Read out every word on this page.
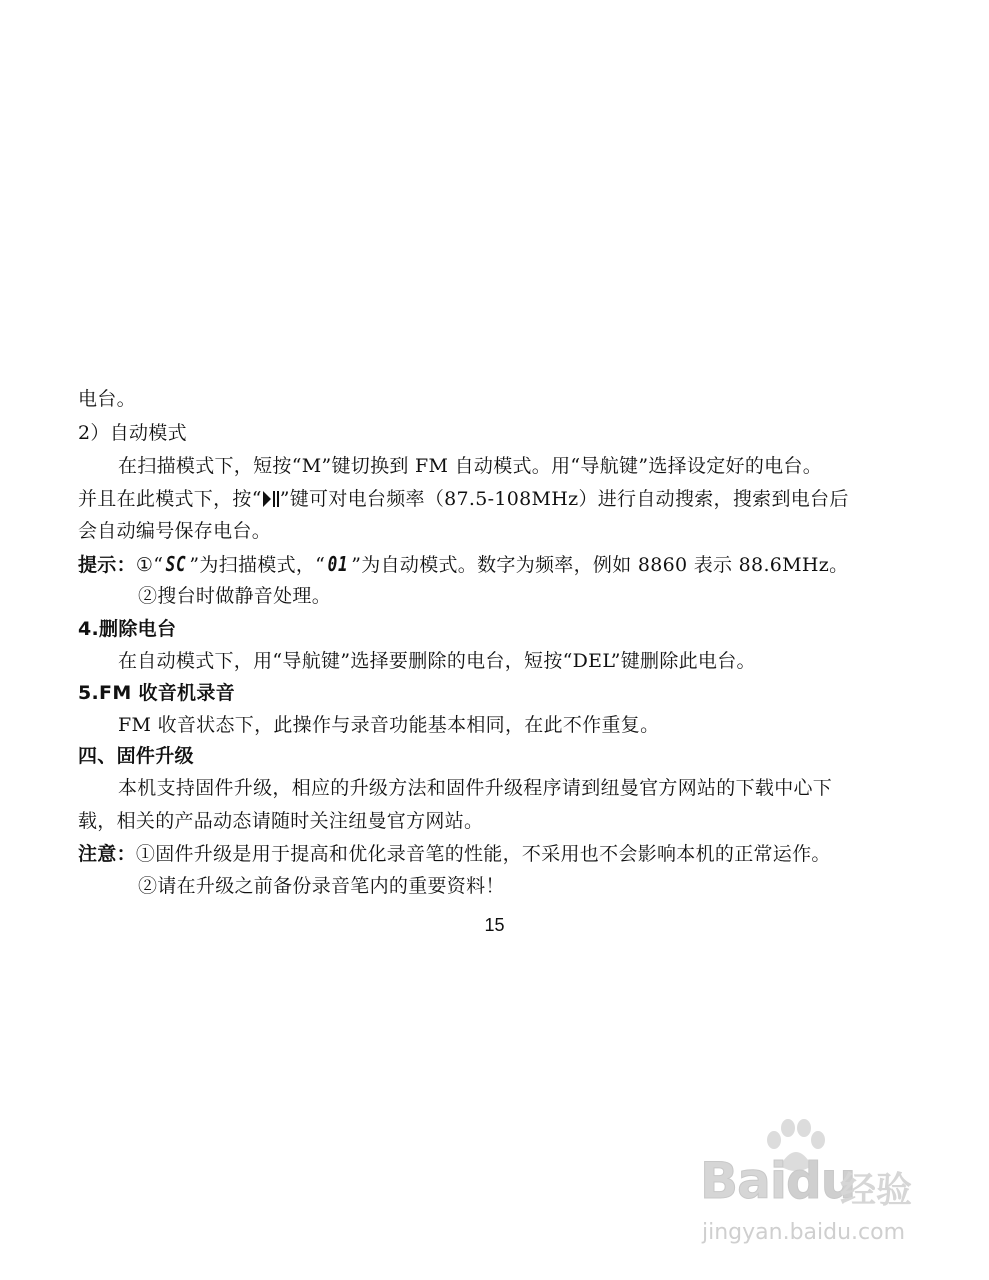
电台。
2）自动模式
在扫描模式下，短按“M”键切换到 FM 自动模式。用“导航键”选择设定好的电台。
并且在此模式下，按“ ”键可对电台频率（87.5-108MHz）进行自动搜索，搜索到电台后
会自动编号保存电台。
提示：①“ SC ”为扫描模式，“ 01 ”为自动模式。数字为频率，例如 8860 表示 88.6MHz。
②搜台时做静音处理。
4.删除电台
在自动模式下，用“导航键”选择要删除的电台，短按“DEL”键删除此电台。
5.FM 收音机录音
FM 收音状态下，此操作与录音功能基本相同，在此不作重复。
四、固件升级
本机支持固件升级，相应的升级方法和固件升级程序请到纽曼官方网站的下载中心下
载，相关的产品动态请随时关注纽曼官方网站。
注意：①固件升级是用于提高和优化录音笔的性能，不采用也不会影响本机的正常运作。
②请在升级之前备份录音笔内的重要资料！
15
Baidu
经验
jingyan.baidu.com
